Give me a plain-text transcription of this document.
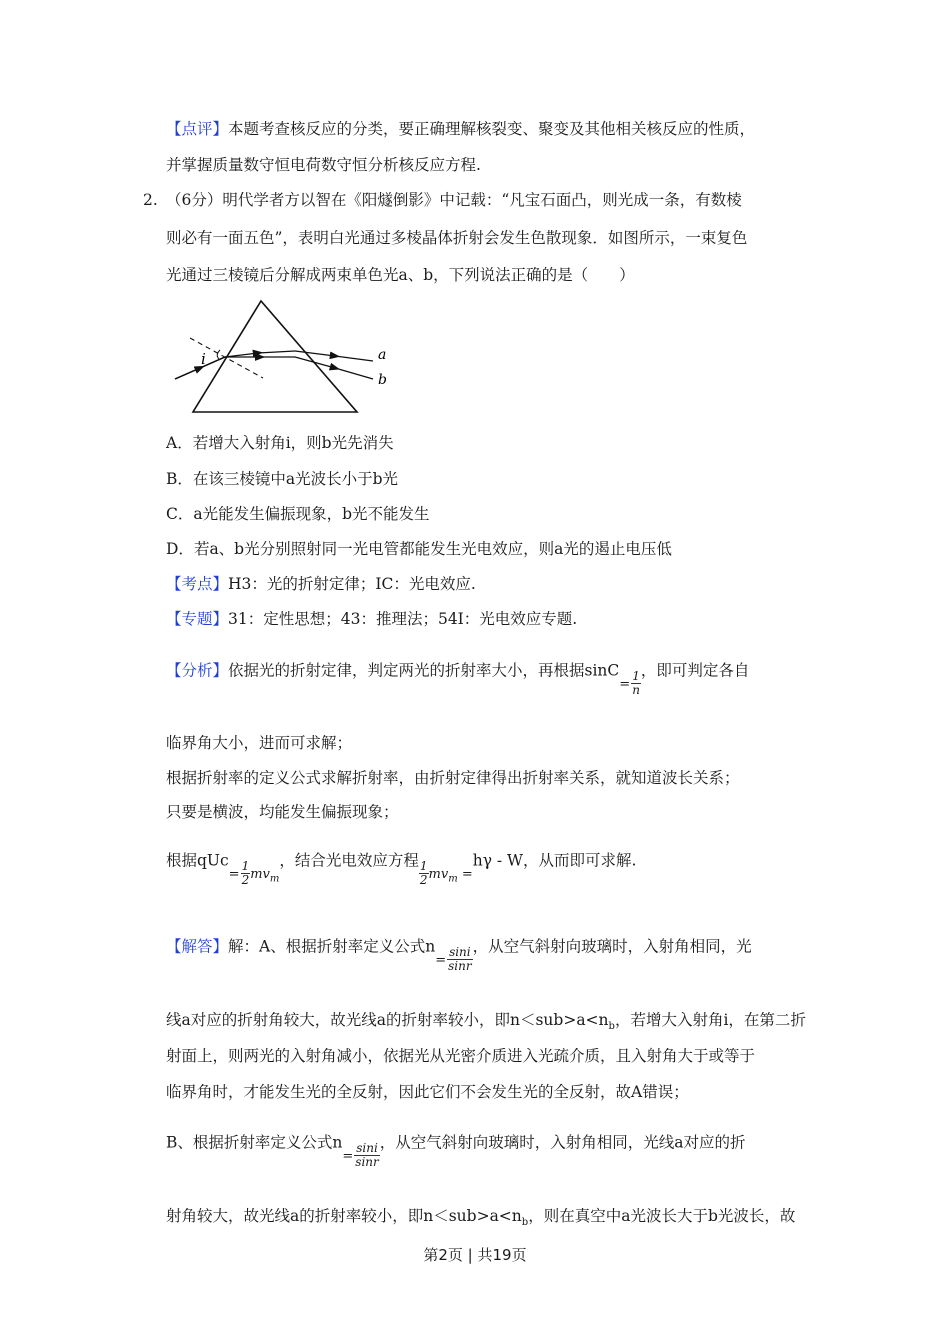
【点评】本题考查核反应的分类，要正确理解核裂变、聚变及其他相关核反应的性质，
并掌握质量数守恒电荷数守恒分析核反应方程.
2. （6分）明代学者方以智在《阳燧倒影》中记载：“凡宝石面凸，则光成一条，有数棱
则必有一面五色”，表明白光通过多棱晶体折射会发生色散现象．如图所示，一束复色
光通过三棱镜后分解成两束单色光a、b，下列说法正确的是（　　）
i	a
b
A．若增大入射角i，则b光先消失
B．在该三棱镜中a光波长小于b光
C．a光能发生偏振现象，b光不能发生
D．若a、b光分别照射同一光电管都能发生光电效应，则a光的遏止电压低
【考点】H3：光的折射定律；IC：光电效应.
【专题】31：定性思想；43：推理法；54I：光电效应专题.
【分析】依据光的折射定律，判定两光的折射率大小，再根据$\sin C= \frac{1}{n}$ ，即可判定各自
临界角大小，进而可求解；
根据折射率的定义公式求解折射率，由折射定律得出折射率关系，就知道波长关系；
只要是横波，均能发生偏振现象；
根据$qUc= \frac{1}{2} mv_m$，结合光电效应方程 $\frac{1}{2} mv_m =h\gamma - W$，从而即可求解.
【解答】解：A、根据折射率定义公式$n= \frac{\sin i}{\sin r}$ ，从空气斜射向玻璃时，入射角相同，光
线a对应的折射角较大，故光线a的折射率较小，即$n<sub>a<n_b$，若增大入射角i，在第二折
射面上，则两光的入射角减小，依据光从光密介质进入光疏介质，且入射角大于或等于
临界角时，才能发生光的全反射，因此它们不会发生光的全反射，故A错误；
B、根据折射率定义公式$n= \frac{\sin i}{\sin r}$ ，从空气斜射向玻璃时，入射角相同，光线a对应的折
射角较大，故光线a的折射率较小，即$n<sub>a<n_b$，则在真空中a光波长大于b光波长，故
第2页 | 共19页
